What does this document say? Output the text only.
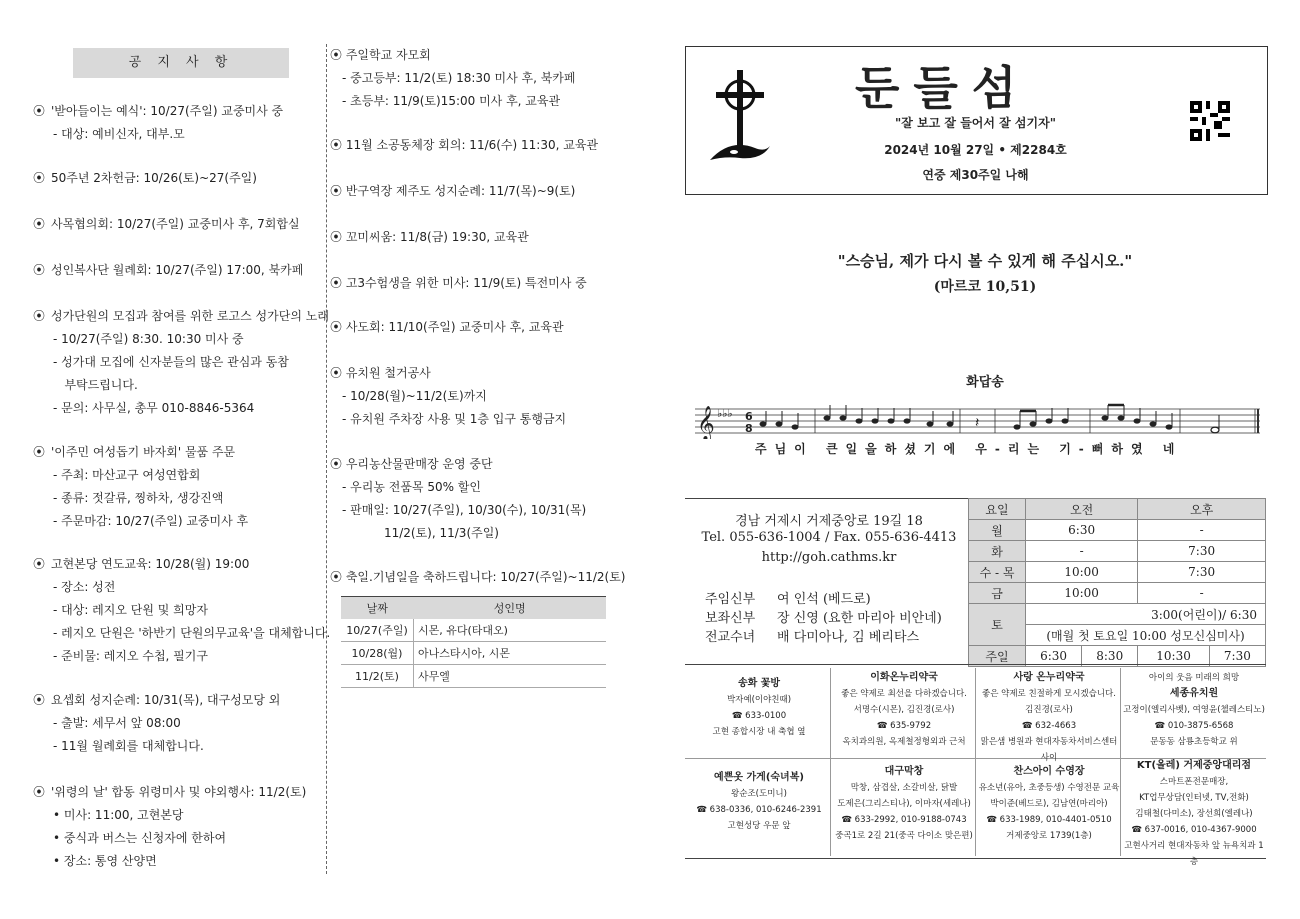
공 지 사 항
⦿ '받아들이는 예식': 10/27(주일) 교중미사 중
- 대상: 예비신자, 대부.모
⦿ 50주년 2차헌금: 10/26(토)~27(주일)
⦿ 사목협의회: 10/27(주일) 교중미사 후, 7회합실
⦿ 성인복사단 월례회: 10/27(주일) 17:00, 북카페
⦿ 성가단원의 모집과 참여를 위한 로고스 성가단의 노래
- 10/27(주일) 8:30. 10:30 미사 중
- 성가대 모집에 신자분들의 많은 관심과 동참
부탁드립니다.
- 문의: 사무실, 총무 010-8846-5364
⦿ '이주민 여성돕기 바자회' 물품 주문
- 주최: 마산교구 여성연합회
- 종류: 젓갈류, 찡하차, 생강진액
- 주문마감: 10/27(주일) 교중미사 후
⦿ 고현본당 연도교육: 10/28(월) 19:00
- 장소: 성전
- 대상: 레지오 단원 및 희망자
- 레지오 단원은 '하반기 단원의무교육'을 대체합니다.
- 준비물: 레지오 수첩, 필기구
⦿ 요셉회 성지순례: 10/31(목), 대구성모당 외
- 출발: 세무서 앞 08:00
- 11월 월례회를 대체합니다.
⦿ '위령의 날' 합동 위령미사 및 야외행사: 11/2(토)
• 미사: 11:00, 고현본당
• 중식과 버스는 신청자에 한하여
• 장소: 통영 산양면
⦿ 주일학교 자모회
- 중고등부: 11/2(토) 18:30 미사 후, 북카페
- 초등부: 11/9(토)15:00 미사 후, 교육관
⦿ 11월 소공동체장 회의: 11/6(수) 11:30, 교육관
⦿ 반구역장 제주도 성지순례: 11/7(목)~9(토)
⦿ 꼬미씨움: 11/8(금) 19:30, 교육관
⦿ 고3수험생을 위한 미사: 11/9(토) 특전미사 중
⦿ 사도회: 11/10(주일) 교중미사 후, 교육관
⦿ 유치원 철거공사
- 10/28(월)~11/2(토)까지
- 유치원 주차장 사용 및 1층 입구 통행금지
⦿ 우리농산물판매장 운영 중단
- 우리농 전품목 50% 할인
- 판매일: 10/27(주일), 10/30(수), 10/31(목)
11/2(토), 11/3(주일)
⦿ 축일.기념일을 축하드립니다: 10/27(주일)~11/2(토)
날짜	성인명
10/27(주일)	시몬, 유다(타대오)
10/28(월)	아나스타시아, 시몬
11/2(토)	사무엘
둔들섬
"잘 보고 잘 들어서 잘 섬기자"
2024년 10월 27일 • 제2284호
연중 제30주일 나해
"스승님, 제가 다시 볼 수 있게 해 주십시오."
(마르코 10,51)
화답송
𝄞 ♭♭♭ 6
8	𝄽
주님이 큰일을하셨기에 우-리는 기-뻐하였 네
경남 거제시 거제중앙로 19길 18
Tel. 055-636-1004 / Fax. 055-636-4413
http://goh.cathms.kr
주임신부 여 인석 (베드로)
보좌신부 장 신영 (요한 마리아 비안네)
전교수녀 배 다미아나, 김 베리타스
요일	오전		오후	
월	6:30		-	
화	-		7:30	
수 - 목	10:00		7:30	
금	10:00		-	
토	3:00(어린이)/ 6:30			
	(매월 첫 토요일 10:00 성모신심미사)			
주일	6:30	8:30	10:30	7:30
송화 꽃방
박자예(이야친때)
☎ 633-0100
고현 종합시장 내 축협 옆
이화온누리약국
좋은 약제로 최선을 다하겠습니다.
서명수(시몬), 김진경(로사)
☎ 635-9792
옥치과의원, 옥제철정형외과 근처
사랑 온누리약국
좋은 약제로 친절하게 모시겠습니다.
김진경(로사)
☎ 632-4663
맑은샘 병원과 현대자동차서비스센터 사이
아이의 웃음 미래의 희망
세종유치원
고정이(엘리사벳), 여영윤(첼레스티노)
☎ 010-3875-6568
문동동 삼룡초등학교 위
예쁜옷 가게(숙녀복)
왕순조(도미니)
☎ 638-0336, 010-6246-2391
고현성당 우문 앞
대구막창
막창, 삼겹살, 소갈비살, 닭발
도제은(그리스티나), 이마자(세레나)
☎ 633-2992, 010-9188-0743
중곡1로 2길 21(중곡 다이소 맞은편)
찬스아이 수영장
유소년(유아, 초중등생) 수영전문 교육
박이준(베드로), 김남연(마리아)
☎ 633-1989, 010-4401-0510
거제중앙로 1739(1층)
KT(올레) 거제중앙대리점
스마트폰전문매장,
KT업무상담(인터넷, TV,전화)
김태철(다미소), 장선희(엘레나)
☎ 637-0016, 010-4367-9000
고현사거리 현대자동차 앞 뉴욕치과 1층
